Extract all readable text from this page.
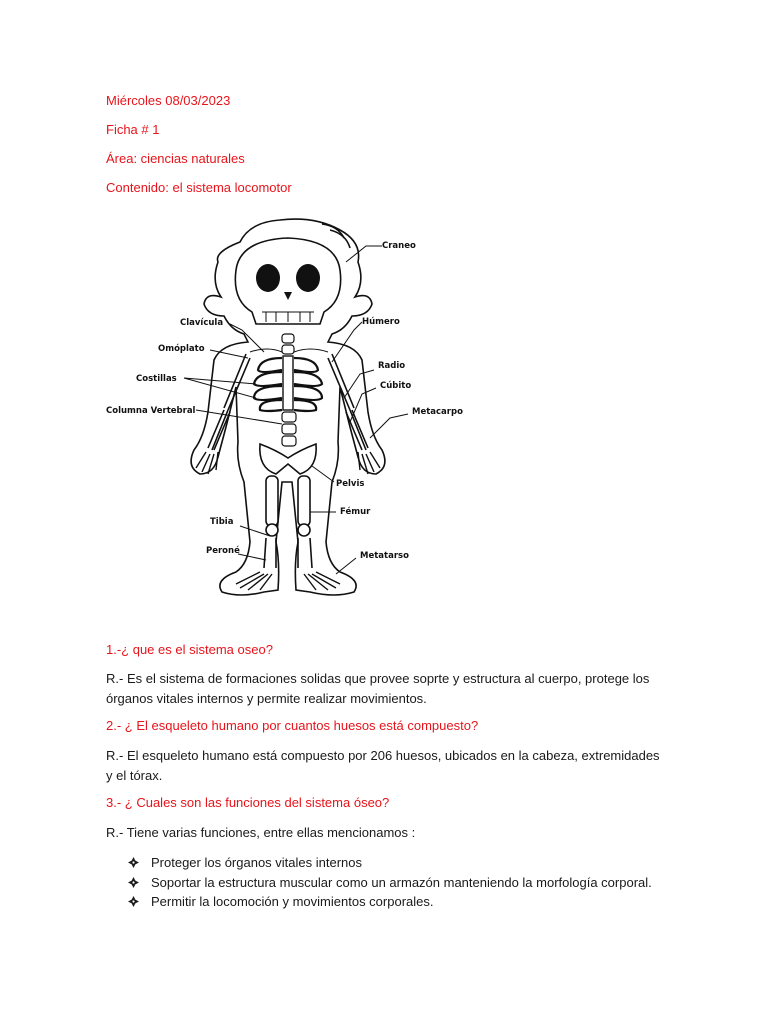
Miércoles 08/03/2023

Ficha # 1

Área: ciencias naturales

Contenido: el sistema locomotor

Craneo
Húmero
Clavícula
Omóplato
Costillas
Columna Vertebral
Radio
Cúbito
Metacarpo
Pelvis
Fémur
Tibia
Peroné	Metatarso

1.-¿ que es el sistema oseo?

R.- Es el sistema de formaciones solidas que provee soprte y estructura al cuerpo, protege los órganos vitales internos y permite realizar movimientos.

2.- ¿ El esqueleto humano por cuantos huesos está compuesto?

R.- El esqueleto humano está compuesto por 206 huesos, ubicados en la cabeza, extremidades y el tórax.

3.- ¿ Cuales son las funciones del sistema óseo?

R.- Tiene varias funciones, entre ellas mencionamos :

Proteger los órganos vitales internos
Soportar la estructura muscular como un armazón manteniendo la morfología corporal.
Permitir la locomoción y movimientos corporales.
